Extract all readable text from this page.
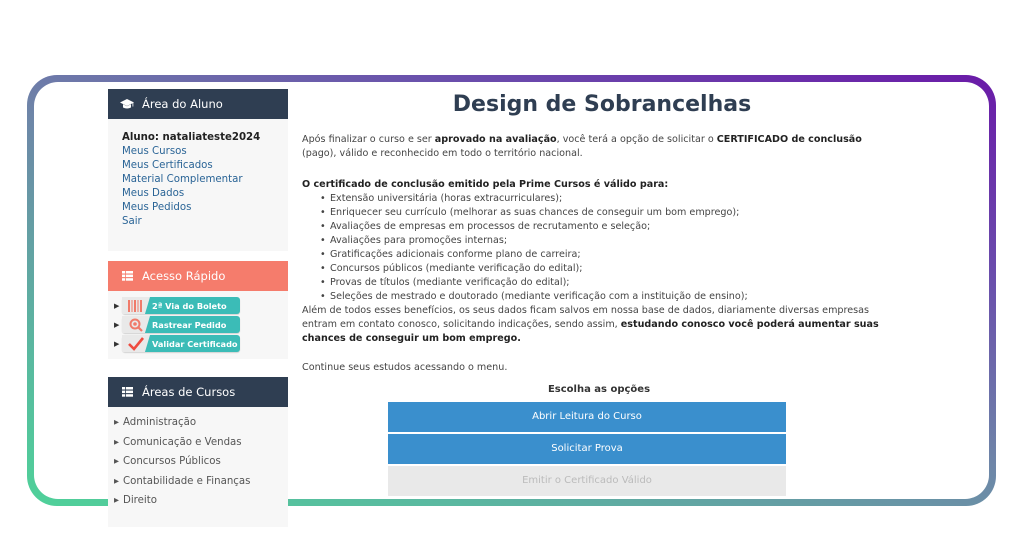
Área do Aluno
Aluno: nataliateste2024
Meus Cursos
Meus Certificados
Material Complementar
Meus Dados
Meus Pedidos
Sair
Acesso Rápido
▶	2ª Via do Boleto
▶	Rastrear Pedido
▶	Validar Certificado
Áreas de Cursos
▶ Administração
▶ Comunicação e Vendas
▶ Concursos Públicos
▶ Contabilidade e Finanças
▶ Direito
Design de Sobrancelhas

Após finalizar o curso e ser aprovado na avaliação, você terá a opção de solicitar o CERTIFICADO de conclusão (pago), válido e reconhecido em todo o território nacional.

O certificado de conclusão emitido pela Prime Cursos é válido para:
• Extensão universitária (horas extracurriculares);
• Enriquecer seu currículo (melhorar as suas chances de conseguir um bom emprego);
• Avaliações de empresas em processos de recrutamento e seleção;
• Avaliações para promoções internas;
• Gratificações adicionais conforme plano de carreira;
• Concursos públicos (mediante verificação do edital);
• Provas de títulos (mediante verificação do edital);
• Seleções de mestrado e doutorado (mediante verificação com a instituição de ensino);

Além de todos esses benefícios, os seus dados ficam salvos em nossa base de dados, diariamente diversas empresas entram em contato conosco, solicitando indicações, sendo assim, estudando conosco você poderá aumentar suas chances de conseguir um bom emprego.

Continue seus estudos acessando o menu.

Escolha as opções
Abrir Leitura do Curso
Solicitar Prova
Emitir o Certificado Válido
